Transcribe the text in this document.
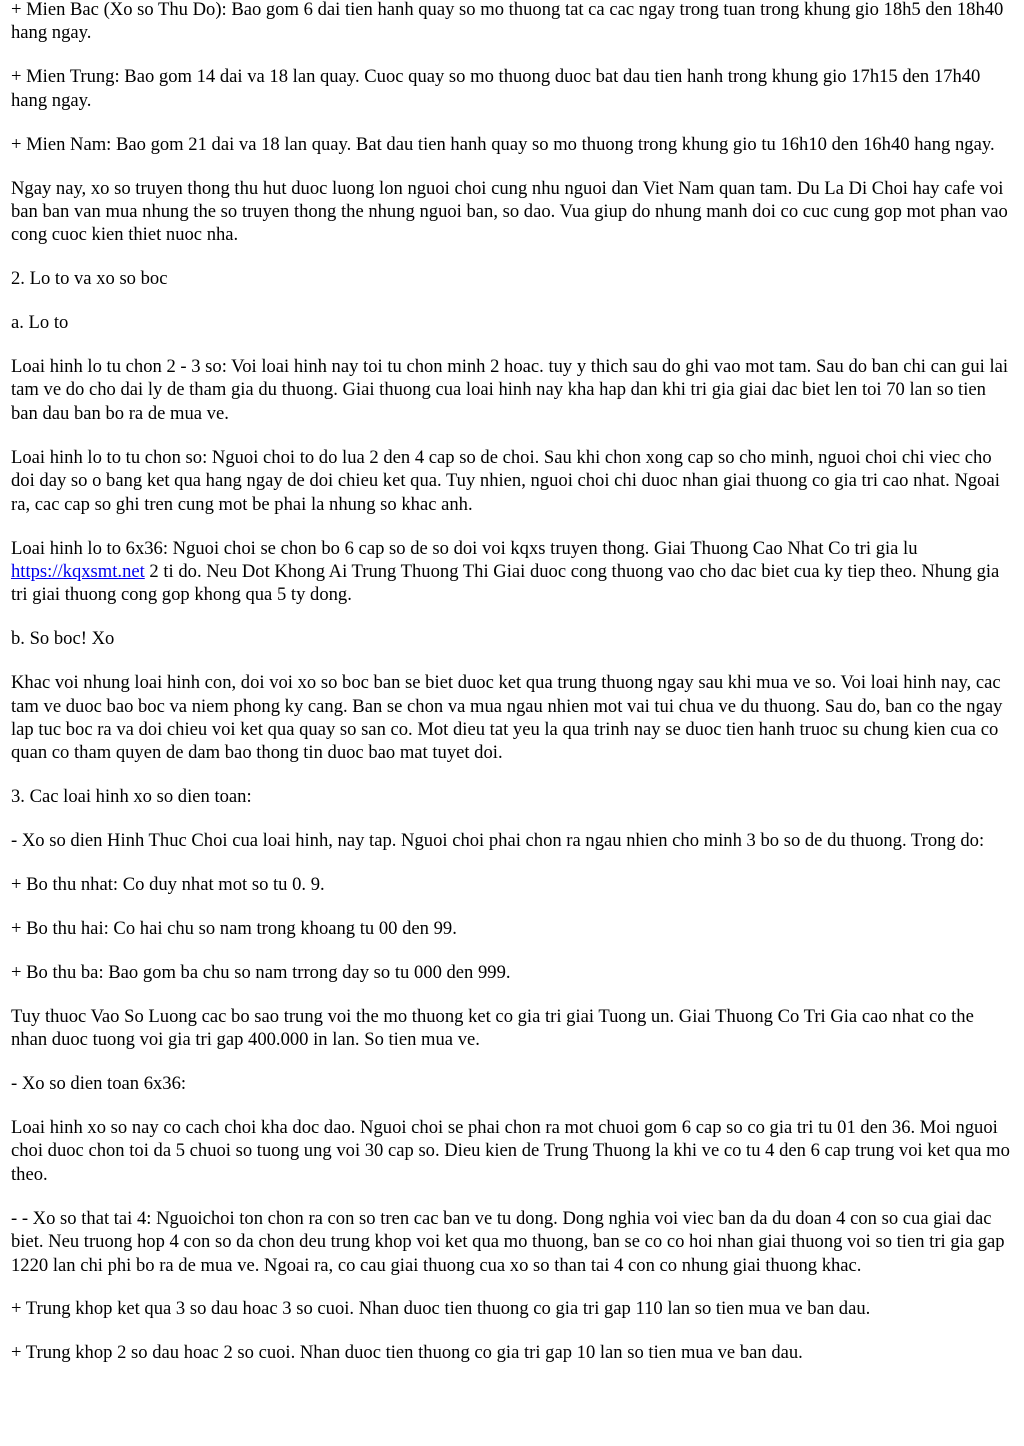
+ Mien Bac (Xo so Thu Do): Bao gom 6 dai tien hanh quay so mo thuong tat ca cac ngay trong tuan trong khung gio 18h5 den 18h40 hang ngay.

+ Mien Trung: Bao gom 14 dai va 18 lan quay. Cuoc quay so mo thuong duoc bat dau tien hanh trong khung gio 17h15 den 17h40 hang ngay.

+ Mien Nam: Bao gom 21 dai va 18 lan quay. Bat dau tien hanh quay so mo thuong trong khung gio tu 16h10 den 16h40 hang ngay.

Ngay nay, xo so truyen thong thu hut duoc luong lon nguoi choi cung nhu nguoi dan Viet Nam quan tam. Du La Di Choi hay cafe voi ban ban van mua nhung the so truyen thong the nhung nguoi ban, so dao. Vua giup do nhung manh doi co cuc cung gop mot phan vao cong cuoc kien thiet nuoc nha.

2. Lo to va xo so boc

a. Lo to

Loai hinh lo tu chon 2 - 3 so: Voi loai hinh nay toi tu chon minh 2 hoac. tuy y thich sau do ghi vao mot tam. Sau do ban chi can gui lai tam ve do cho dai ly de tham gia du thuong. Giai thuong cua loai hinh nay kha hap dan khi tri gia giai dac biet len toi 70 lan so tien ban dau ban bo ra de mua ve.

Loai hinh lo to tu chon so: Nguoi choi to do lua 2 den 4 cap so de choi. Sau khi chon xong cap so cho minh, nguoi choi chi viec cho doi day so o bang ket qua hang ngay de doi chieu ket qua. Tuy nhien, nguoi choi chi duoc nhan giai thuong co gia tri cao nhat. Ngoai ra, cac cap so ghi tren cung mot be phai la nhung so khac anh.

Loai hinh lo to 6x36: Nguoi choi se chon bo 6 cap so de so doi voi kqxs truyen thong. Giai Thuong Cao Nhat Co tri gia lu https://kqxsmt.net 2 ti do. Neu Dot Khong Ai Trung Thuong Thi Giai duoc cong thuong vao cho dac biet cua ky tiep theo. Nhung gia tri giai thuong cong gop khong qua 5 ty dong.

b. So boc! Xo

Khac voi nhung loai hinh con, doi voi xo so boc ban se biet duoc ket qua trung thuong ngay sau khi mua ve so. Voi loai hinh nay, cac tam ve duoc bao boc va niem phong ky cang. Ban se chon va mua ngau nhien mot vai tui chua ve du thuong. Sau do, ban co the ngay lap tuc boc ra va doi chieu voi ket qua quay so san co. Mot dieu tat yeu la qua trinh nay se duoc tien hanh truoc su chung kien cua co quan co tham quyen de dam bao thong tin duoc bao mat tuyet doi.

3. Cac loai hinh xo so dien toan:

- Xo so dien Hinh Thuc Choi cua loai hinh, nay tap. Nguoi choi phai chon ra ngau nhien cho minh 3 bo so de du thuong. Trong do:

+ Bo thu nhat: Co duy nhat mot so tu 0. 9.

+ Bo thu hai: Co hai chu so nam trong khoang tu 00 den 99.

+ Bo thu ba: Bao gom ba chu so nam trrong day so tu 000 den 999.

Tuy thuoc Vao So Luong cac bo sao trung voi the mo thuong ket co gia tri giai Tuong un. Giai Thuong Co Tri Gia cao nhat co the nhan duoc tuong voi gia tri gap 400.000 in lan. So tien mua ve.

- Xo so dien toan 6x36:

Loai hinh xo so nay co cach choi kha doc dao. Nguoi choi se phai chon ra mot chuoi gom 6 cap so co gia tri tu 01 den 36. Moi nguoi choi duoc chon toi da 5 chuoi so tuong ung voi 30 cap so. Dieu kien de Trung Thuong la khi ve co tu 4 den 6 cap trung voi ket qua mo theo.

- - Xo so that tai 4: Nguoichoi ton chon ra con so tren cac ban ve tu dong. Dong nghia voi viec ban da du doan 4 con so cua giai dac biet. Neu truong hop 4 con so da chon deu trung khop voi ket qua mo thuong, ban se co co hoi nhan giai thuong voi so tien tri gia gap 1220 lan chi phi bo ra de mua ve. Ngoai ra, co cau giai thuong cua xo so than tai 4 con co nhung giai thuong khac.

+ Trung khop ket qua 3 so dau hoac 3 so cuoi. Nhan duoc tien thuong co gia tri gap 110 lan so tien mua ve ban dau.

+ Trung khop 2 so dau hoac 2 so cuoi. Nhan duoc tien thuong co gia tri gap 10 lan so tien mua ve ban dau.
